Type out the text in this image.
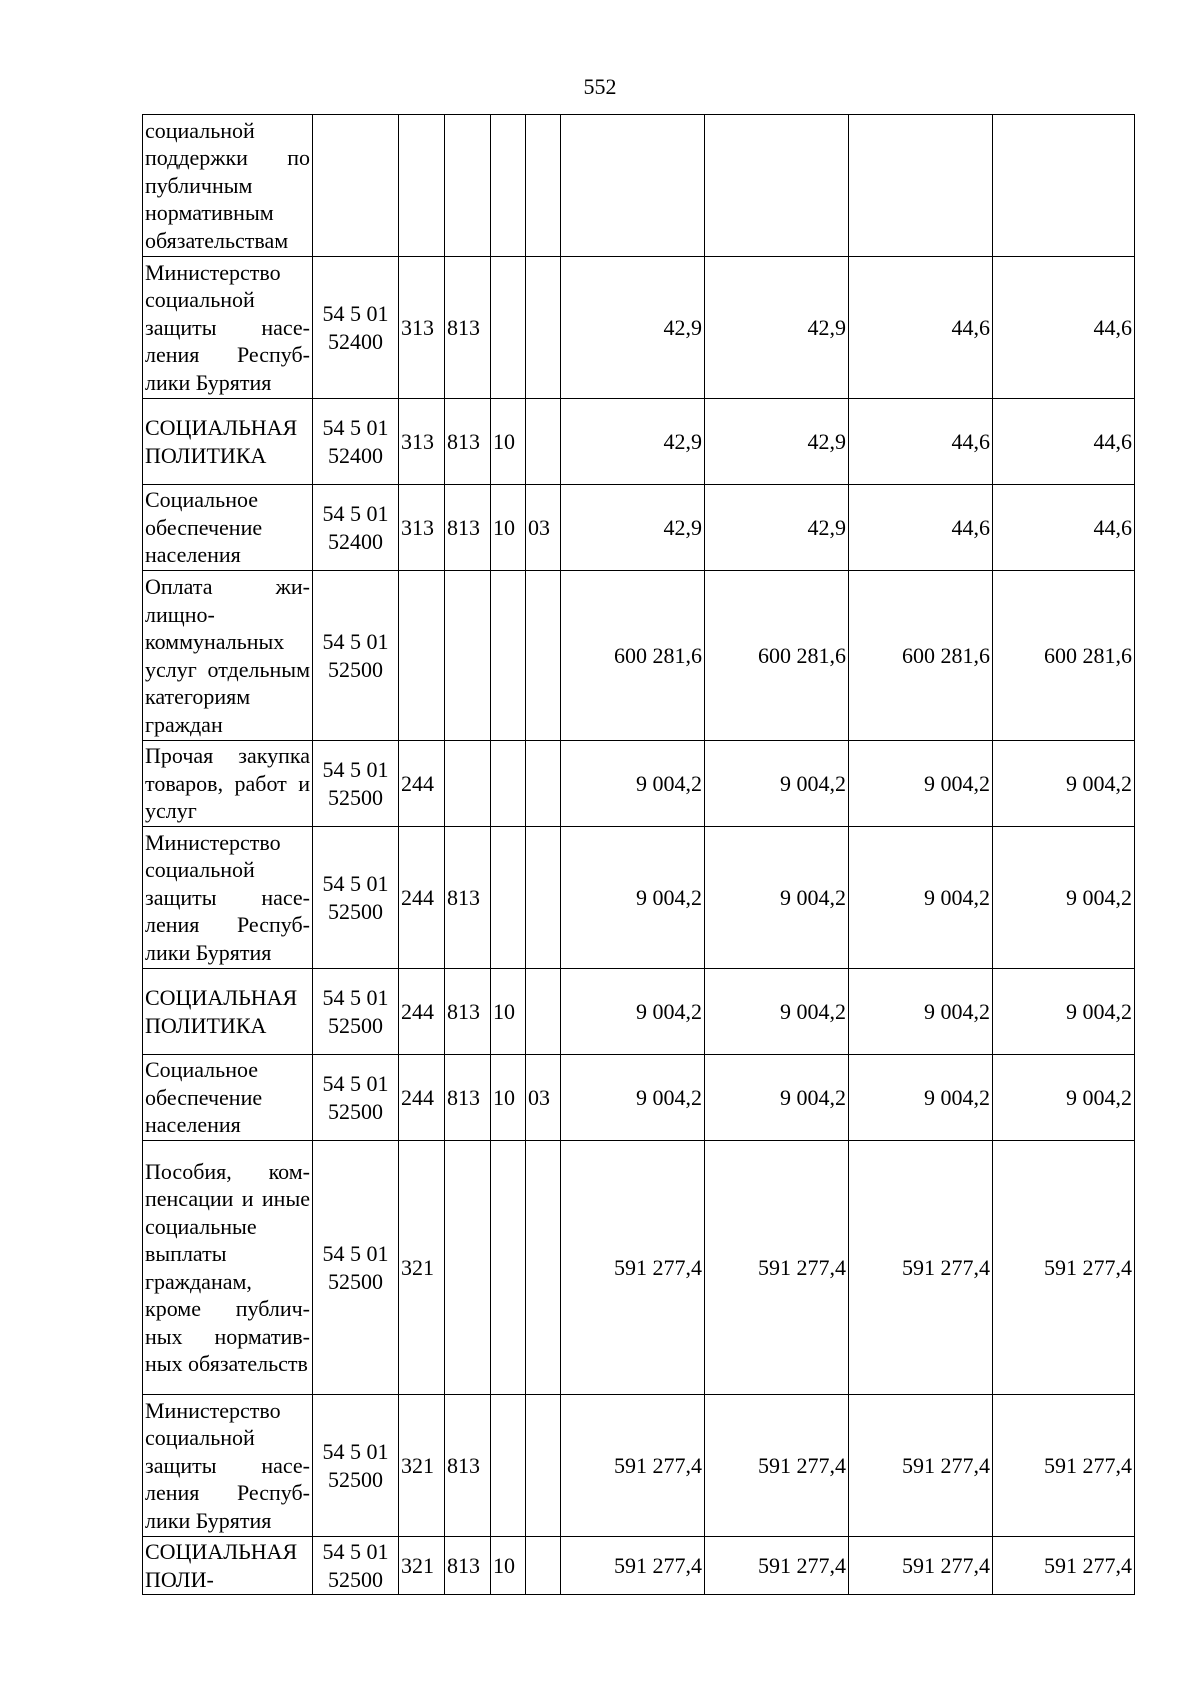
552
социальной поддержки по публичным нормативным обязательствам									
Министерство социальной защиты населения Республики Бурятия	54 5 01 52400	313	813			42,9	42,9	44,6	44,6
СОЦИАЛЬНАЯ ПОЛИТИКА	54 5 01 52400	313	813	10		42,9	42,9	44,6	44,6
Социальное обеспечение населения	54 5 01 52400	313	813	10	03	42,9	42,9	44,6	44,6
Оплата жилищно-коммунальных услуг отдельным категориям граждан	54 5 01 52500					600 281,6	600 281,6	600 281,6	600 281,6
Прочая закупка товаров, работ и услуг	54 5 01 52500	244				9 004,2	9 004,2	9 004,2	9 004,2
Министерство социальной защиты населения Республики Бурятия	54 5 01 52500	244	813			9 004,2	9 004,2	9 004,2	9 004,2
СОЦИАЛЬНАЯ ПОЛИТИКА	54 5 01 52500	244	813	10		9 004,2	9 004,2	9 004,2	9 004,2
Социальное обеспечение населения	54 5 01 52500	244	813	10	03	9 004,2	9 004,2	9 004,2	9 004,2
Пособия, компенсации и иные социальные выплаты гражданам, кроме публичных нормативных обязательств	54 5 01 52500	321				591 277,4	591 277,4	591 277,4	591 277,4
Министерство социальной защиты населения Республики Бурятия	54 5 01 52500	321	813			591 277,4	591 277,4	591 277,4	591 277,4
СОЦИАЛЬНАЯ ПОЛИ-	54 5 01 52500	321	813	10		591 277,4	591 277,4	591 277,4	591 277,4
